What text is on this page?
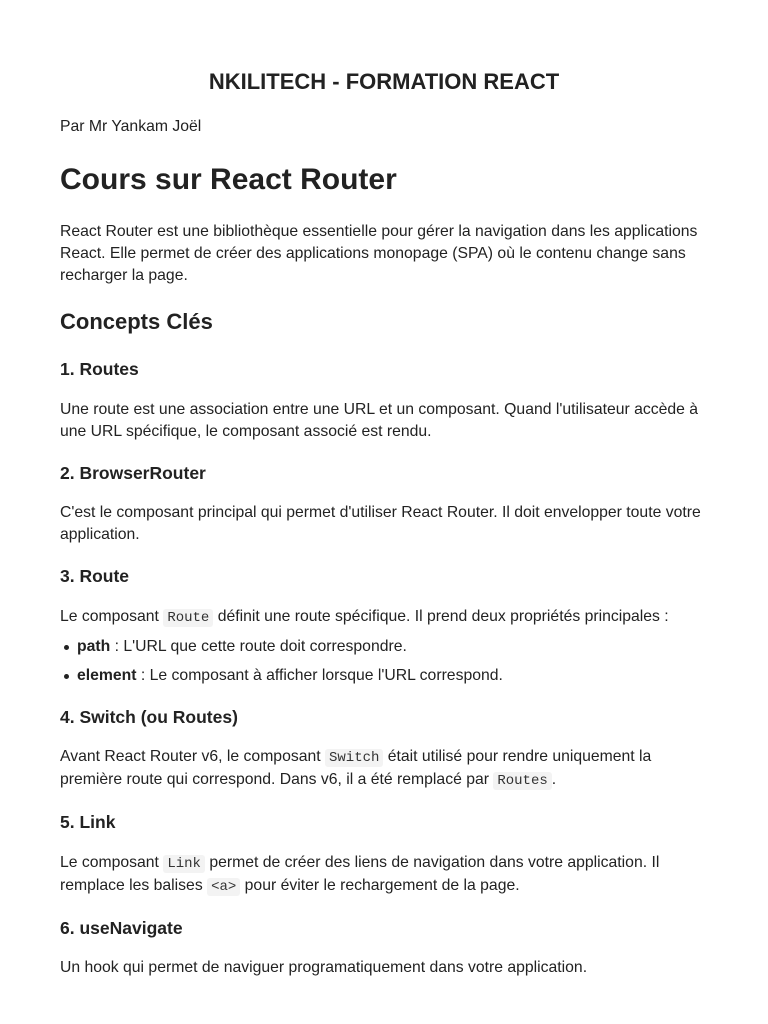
NKILITECH - FORMATION REACT
Par Mr Yankam Joël
Cours sur React Router

React Router est une bibliothèque essentielle pour gérer la navigation dans les applications React. Elle permet de créer des applications monopage (SPA) où le contenu change sans recharger la page.

Concepts Clés
1. Routes

Une route est une association entre une URL et un composant. Quand l'utilisateur accède à une URL spécifique, le composant associé est rendu.

2. BrowserRouter

C'est le composant principal qui permet d'utiliser React Router. Il doit envelopper toute votre application.

3. Route

Le composant Route définit une route spécifique. Il prend deux propriétés principales :

path : L'URL que cette route doit correspondre.
element : Le composant à afficher lorsque l'URL correspond.
4. Switch (ou Routes)

Avant React Router v6, le composant Switch était utilisé pour rendre uniquement la première route qui correspond. Dans v6, il a été remplacé par Routes .

5. Link

Le composant Link permet de créer des liens de navigation dans votre application. Il remplace les balises <a> pour éviter le rechargement de la page.

6. useNavigate

Un hook qui permet de naviguer programatiquement dans votre application.
